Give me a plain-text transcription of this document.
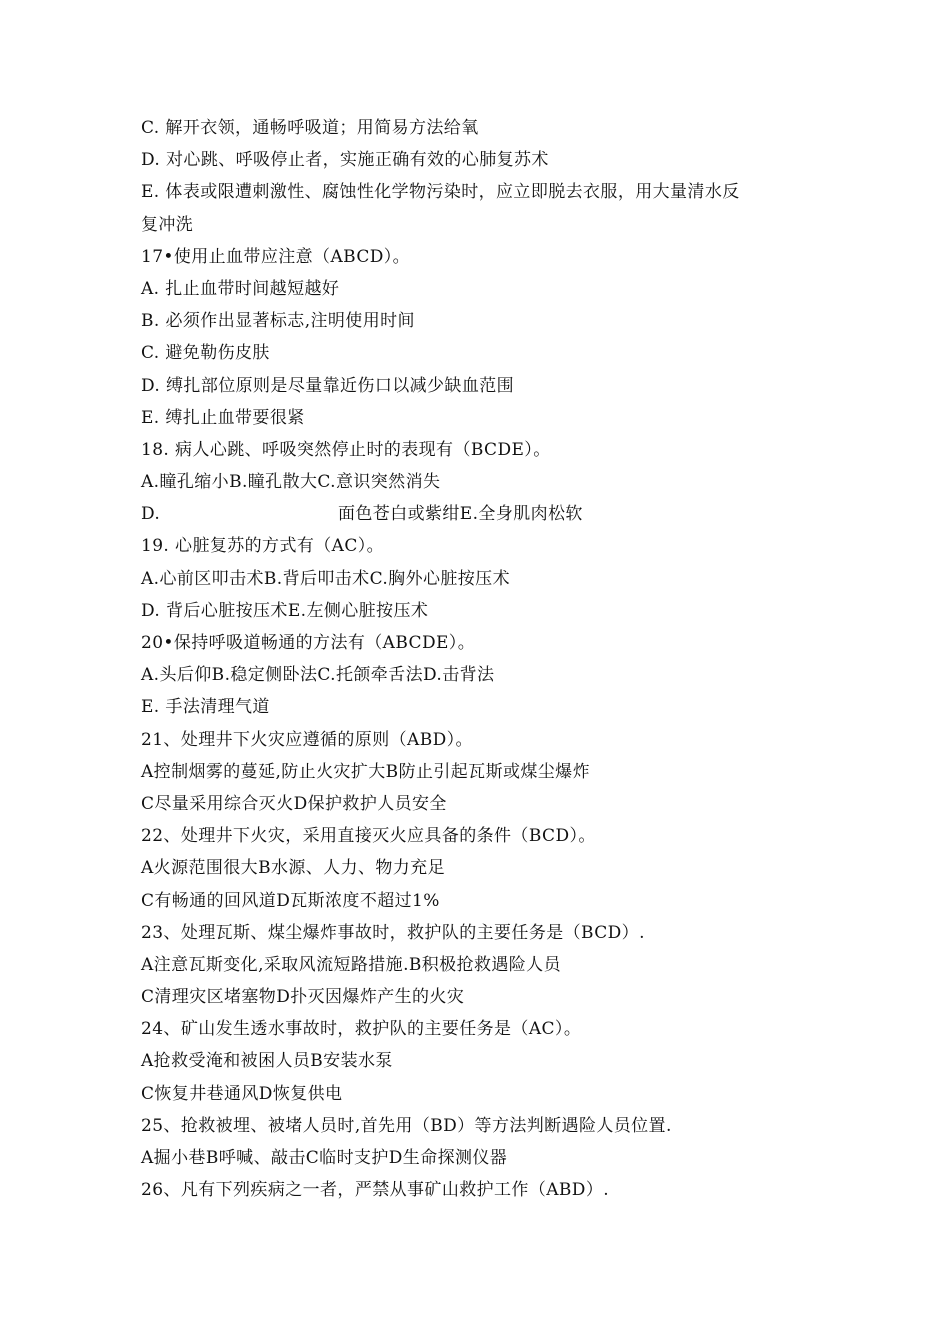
C. 解开衣领，通畅呼吸道；用简易方法给氧
D. 对心跳、呼吸停止者，实施正确有效的心肺复苏术
E. 体表或限遭刺激性、腐蚀性化学物污染时，应立即脱去衣服，用大量清水反
复冲洗
17•使用止血带应注意（ABCD）。
A. 扎止血带时间越短越好
B. 必须作出显著标志,注明使用时间
C. 避免勒伤皮肤
D. 缚扎部位原则是尽量靠近伤口以减少缺血范围
E. 缚扎止血带要很紧
18. 病人心跳、呼吸突然停止时的表现有（BCDE）。
A.瞳孔缩小B.瞳孔散大C.意识突然消失
D.	面色苍白或紫绀E.全身肌肉松软
19. 心脏复苏的方式有（AC）。
A.心前区叩击术B.背后叩击术C.胸外心脏按压术
D. 背后心脏按压术E.左侧心脏按压术
20•保持呼吸道畅通的方法有（ABCDE）。
A.头后仰B.稳定侧卧法C.托颌牵舌法D.击背法
E. 手法清理气道
21、处理井下火灾应遵循的原则（ABD）。
A控制烟雾的蔓延,防止火灾扩大B防止引起瓦斯或煤尘爆炸
C尽量采用综合灭火D保护救护人员安全
22、处理井下火灾，采用直接灭火应具备的条件（BCD）。
A火源范围很大B水源、人力、物力充足
C有畅通的回风道D瓦斯浓度不超过1%
23、处理瓦斯、煤尘爆炸事故时，救护队的主要任务是（BCD）.
A注意瓦斯变化,采取风流短路措施.B积极抢救遇险人员
C清理灾区堵塞物D扑灭因爆炸产生的火灾
24、矿山发生透水事故时，救护队的主要任务是（AC）。
A抢救受淹和被困人员B安装水泵
C恢复井巷通风D恢复供电
25、抢救被埋、被堵人员时,首先用（BD）等方法判断遇险人员位置.
A掘小巷B呼喊、敲击C临时支护D生命探测仪器
26、凡有下列疾病之一者，严禁从事矿山救护工作（ABD）.
